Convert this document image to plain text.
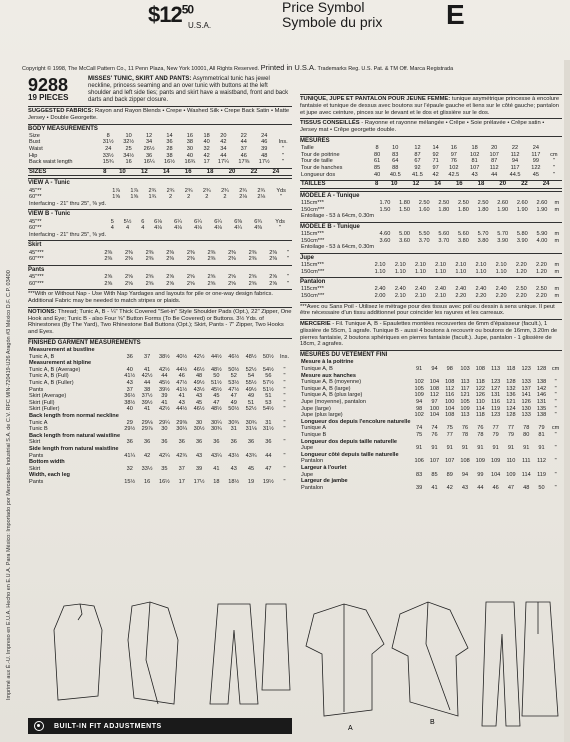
$\$12^{50}$
U.S.A.
Price Symbol
Symbole du prix E
Copyright © 1998, The McCall Pattern Co., 11 Penn Plaza, New York 10001, All Rights Reserved. Printed in U.S.A. Trademarks Reg. U.S. Pat. & TM Off. Marca Registrada
Imprimé aux É.-U. Impreso en E.U.A. Hecho en E.U.A. Para México: Importado por Mercadotec Industrial S.A. de C.V. RFC MIN-720419-U26 Aragón #3 México D.F. C.P. 03400
9288
19 PIECES
MISSES' TUNIC, SKIRT AND PANTS: Asymmetrical tunic has jewel neckline, princess seaming and an over tunic with buttons at the left shoulder and left side ties; pants and skirt have a waistband, front and back darts and back zipper closure.
SUGGESTED FABRICS: Rayon and Rayon Blends • Crepe • Washed Silk • Crepe Back Satin • Matte Jersey • Double Georgette.
BODY MEASUREMENTS
Size	8	10	12	14	16	18	20	22	24	
Bust	31½	32½	34	36	38	40	42	44	46	Ins.
Waist	24	25	26½	28	30	32	34	37	39	"
Hip	33½	34½	36	38	40	42	44	46	48	"
Back waist length	15¾	16	16¼	16½	16¾	17	17¼	17⅜	17½	"
SIZES	8	10	12	14	16	18	20	22	24	
VIEW A - Tunic
45"**	1⅞	1⅞	2¾	2¾	2¾	2¾	2¾	2¾	2¾	Yds
60"**	1⅝	1⅝	1¾	2	2	2	2	2⅛	2⅛	"
Interfacing - 21" thru 25", ⅜ yd.										
VIEW B - Tunic
45"**	5	5½	6	6⅛	6¼	6¼	6¼	6⅜	6¾	Yds
60"**	4	4	4	4⅛	4⅛	4⅛	4⅛	4¼	4⅜	"
Interfacing - 21" thru 25", ⅜ yd.										
Skirt
45"***	2⅜	2⅜	2⅜	2⅜	2⅜	2⅜	2⅜	2⅜	2⅜	"
60"***	2⅜	2⅜	2⅜	2⅜	2⅜	2⅜	2⅜	2⅜	2⅜	"
Pants
45"***	2⅝	2⅝	2⅝	2⅝	2⅝	2⅝	2⅝	2⅝	2⅝	"
60"***	2⅝	2⅝	2⅝	2⅝	2⅝	2⅝	2⅝	2⅝	2⅝	"
***With or Without Nap - Use With Nap Yardages and layouts for pile or one-way design fabrics. Additional Fabric may be needed to match stripes or plaids.
NOTIONS: Thread; Tunic A, B - ¼" Thick Covered "Set-in" Style Shoulder Pads (Opt.), 22" Zipper, One Hook and Eye; Tunic B - also Four ⅝" Button Forms (To Be Covered) or Buttons. 3½ Yds. of Rhinestones (By The Yard), Two Rhinestone Ball Buttons (Opt.); Skirt, Pants - 7" Zipper, Two Hooks and Eyes.
FINISHED GARMENT MEASUREMENTS
Measurement at bustline										
Tunic A, B	36	37	38½	40½	42½	44½	46½	48½	50½	Ins.
Measurement at hipline										
Tunic A, B (Average)	40	41	42½	44½	46½	48½	50½	52½	54½	"
Tunic A, B (Full)	41½	42½	44	46	48	50	52	54	56	"
Tunic A, B (Fuller)	43	44	45½	47½	49½	51½	53½	55½	57½	"
Pants	37	38	39½	41½	43½	45½	47½	49½	51½	"
Skirt (Average)	36½	37½	39	41	43	45	47	49	51	"
Skirt (Full)	38½	39½	41	43	45	47	49	51	53	"
Skirt (Fuller)	40	41	42½	44½	46½	48½	50½	52½	54½	"
Back length from normal neckline										
Tunic A	29	29⅛	29¼	29⅜	30	30¼	30¾	30¾	31	"
Tunic B	29½	29⅞	30	30¼	30½	30¾	31	31⅛	31½	"
Back length from natural waistline										
Skirt	36	36	36	36	36	36	36	36	36	"
Side length from natural waistline										
Pants	41¼	42	42¼	42¾	43	43¼	43½	43¾	44	"
Bottom width										
Skirt	32	33½	35	37	39	41	43	45	47	"
Width, each leg										
Pants	15½	16	16½	17	17½	18	18½	19	19½	"
TUNIQUE, JUPE ET PANTALON POUR JEUNE FEMME: tunique asymétrique princesse à encolure fantaisie et tunique de dessus avec boutons sur l'épaule gauche et liens sur le côté gauche; pantalon et jupe avec ceinture, pinces sur le devant et le dos et glissière sur le dos.
TISSUS CONSEILLÉS - Rayonne et rayonne mélangée • Crêpe • Soie prélavée • Crêpe satin • Jersey mat • Crêpe georgette double.
MESURES
Taille	8	10	12	14	16	18	20	22	24	
Tour de poitrine	80	83	87	92	97	102	107	112	117	cm
Tour de taille	61	64	67	71	76	81	87	94	99	"
Tour de hanches	85	88	92	97	102	107	112	117	122	"
Longueur dos	40	40.5	41.5	42	42.5	43	44	44.5	45	"
TAILLES	8	10	12	14	16	18	20	22	24	
MODELE A - Tunique
115cm***	1.70	1.80	2.50	2.50	2.50	2.50	2.60	2.60	2.60	m
150cm***	1.50	1.50	1.60	1.80	1.80	1.80	1.90	1.90	1.90	m
Entoilage - 53 à 64cm, 0.30m										
MODELE B - Tunique
115cm***	4.60	5.00	5.50	5.60	5.60	5.70	5.70	5.80	5.90	m
150cm***	3.60	3.60	3.70	3.70	3.80	3.80	3.90	3.90	4.00	m
Entoilage - 53 à 64cm, 0.30m										
Jupe
115cm***	2.10	2.10	2.10	2.10	2.10	2.10	2.10	2.20	2.20	m
150cm***	1.10	1.10	1.10	1.10	1.10	1.10	1.10	1.20	1.20	m
Pantalon
115cm***	2.40	2.40	2.40	2.40	2.40	2.40	2.40	2.50	2.50	m
150cm***	2.00	2.10	2.10	2.10	2.20	2.20	2.20	2.20	2.20	m
***Avec ou Sans Poil - Utilisez le métrage pour des tissus avec poil ou dessin à sens unique. Il peut être nécessaire d'un tissu additionnel pour coincider les rayures et les carreaux.
MERCERIE - Fil. Tunique A, B - Epaulettes montées recouvertes de 6mm d'épaisseur (facult.), 1 glissière de 55cm, 1 agrafe. Tunique B - aussi 4 boutons à recouvrir ou boutons de 16mm, 3.20m de pierres fantaisie, 2 boutons sphériques en pierres fantaisie (facult.). Jupe, pantalon - 1 glissière de 18cm, 2 agrafes.
MESURES DU VETEMENT FINI
Mesure à la poitrine										
Tunique A, B	91	94	98	103	108	113	118	123	128	cm
Mesure aux hanches										
Tunique A, B (moyenne)	102	104	108	113	118	123	128	133	138	"
Tunique A, B (large)	105	108	112	117	122	127	132	137	142	"
Tunique A, B (plus large)	109	112	116	121	126	131	136	141	146	"
Jupe (moyenne), pantalon	94	97	100	105	110	116	121	126	131	"
Jupe (large)	98	100	104	109	114	119	124	130	135	"
Jupe (plus large)	102	104	108	113	118	123	128	133	138	"
Longueur dos depuis l'encolure naturelle										
Tunique A	74	74	75	76	76	77	77	78	79	cm
Tunique B	75	76	77	78	78	79	79	80	81	"
Longueur dos depuis taille naturelle										
Jupe	91	91	91	91	91	91	91	91	91	"
Longueur côté depuis taille naturelle										
Pantalon	106	107	107	108	109	109	110	111	112	"
Largeur à l'ourlet										
Jupe	83	85	89	94	99	104	109	114	119	"
Largeur de jambe										
Pantalon	39	41	42	43	44	46	47	48	50	"
A
B
BUILT-IN FIT ADJUSTMENTS
